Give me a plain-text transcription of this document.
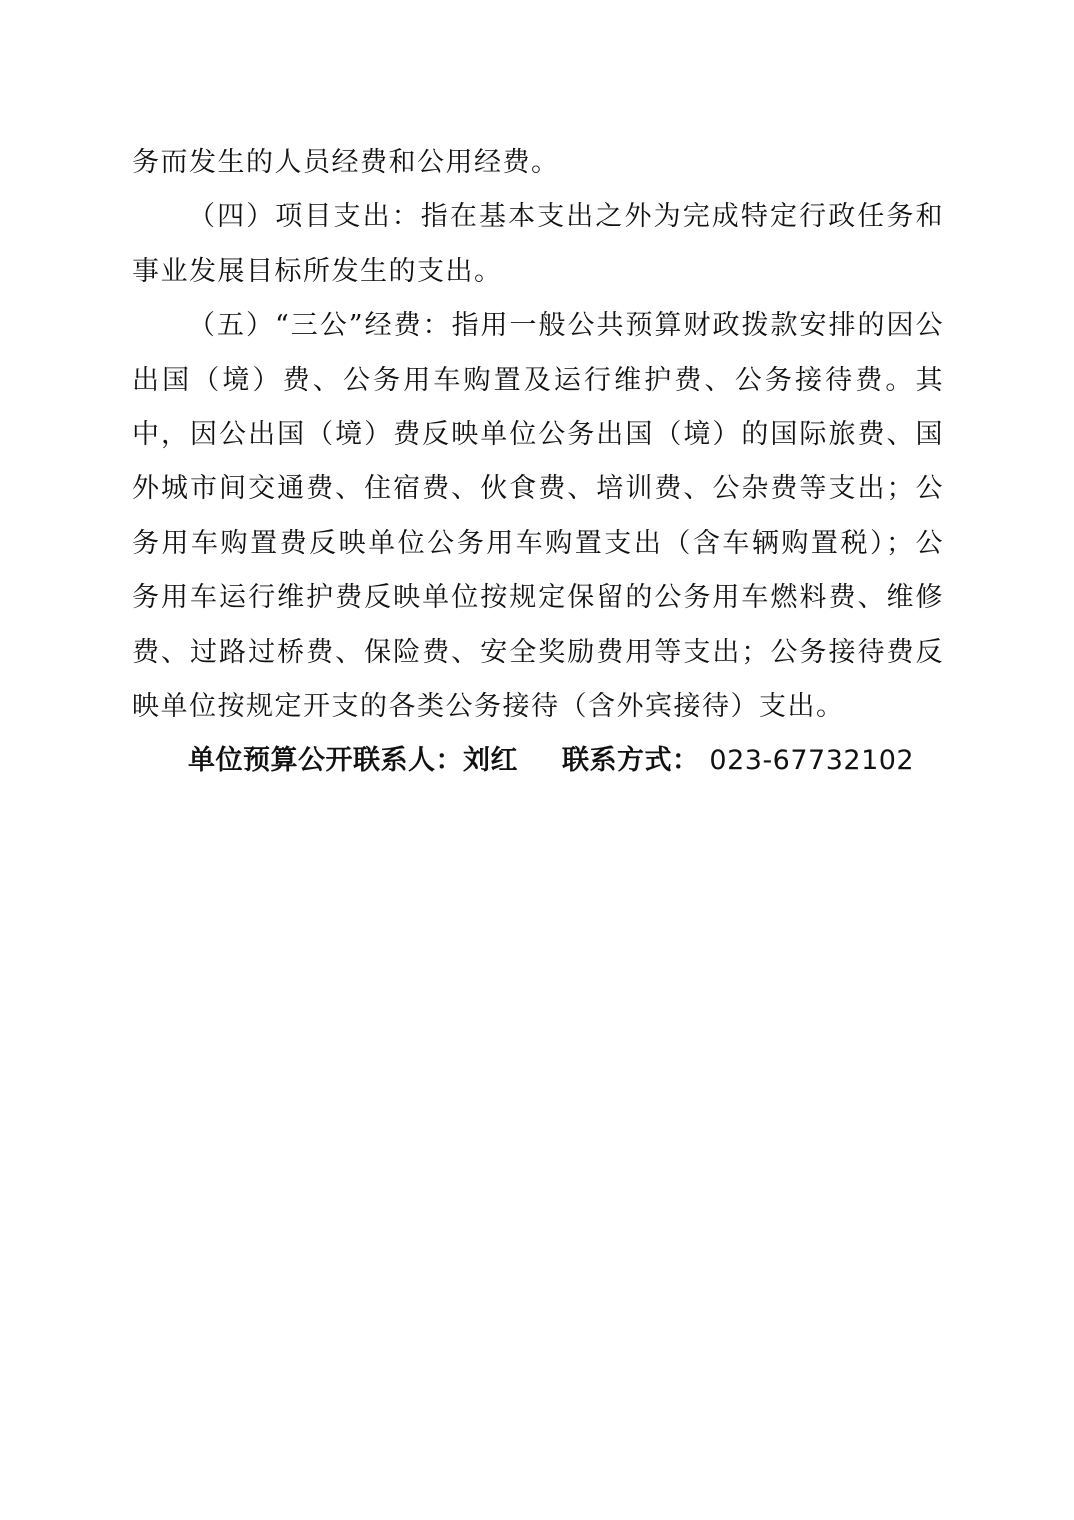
务而发生的人员经费和公用经费。

（四）项目支出：指在基本支出之外为完成特定行政任务和事业发展目标所发生的支出。

（五）“三公”经费：指用一般公共预算财政拨款安排的因公出国（境）费、公务用车购置及运行维护费、公务接待费。其中，因公出国（境）费反映单位公务出国（境）的国际旅费、国外城市间交通费、住宿费、伙食费、培训费、公杂费等支出；公务用车购置费反映单位公务用车购置支出（含车辆购置税）；公务用车运行维护费反映单位按规定保留的公务用车燃料费、维修费、过路过桥费、保险费、安全奖励费用等支出；公务接待费反映单位按规定开支的各类公务接待（含外宾接待）支出。

单位预算公开联系人：刘红 联系方式： 023-67732102
